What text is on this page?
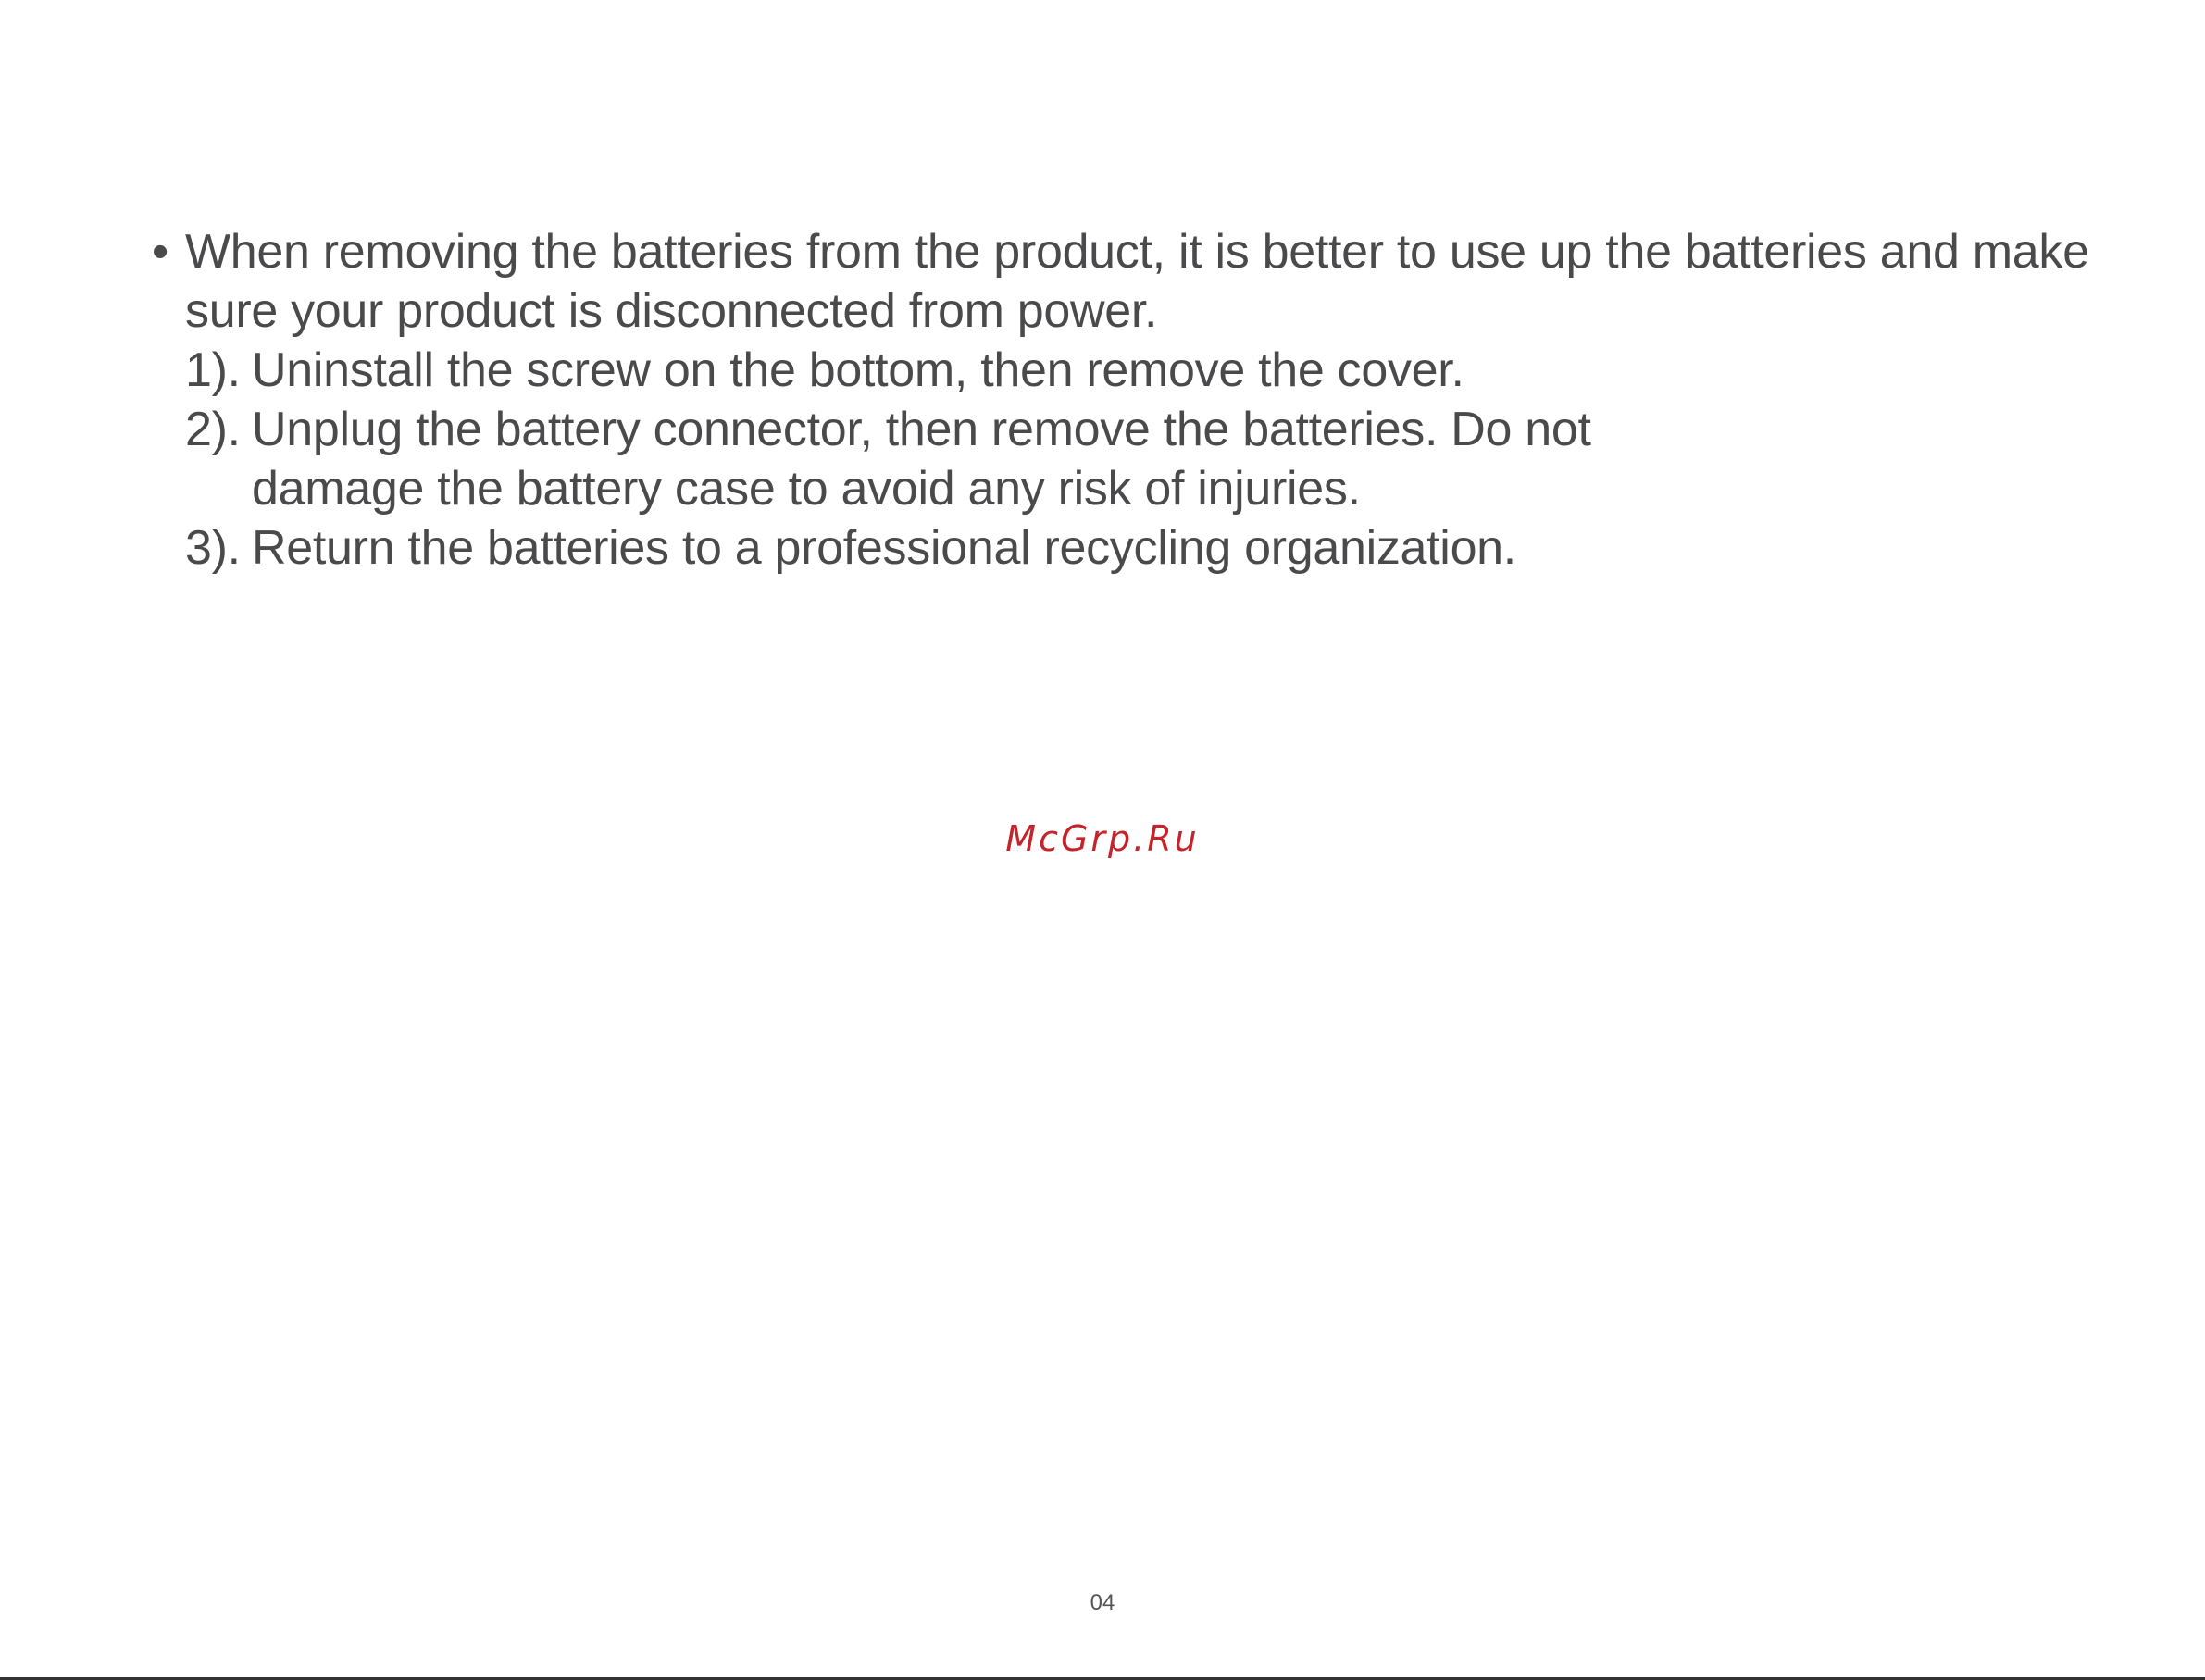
• When removing the batteries from the product, it is better to use up the batteries and make sure your product is disconnected from power.

1). Uninstall the screw on the bottom, then remove the cover.
2). Unplug the battery connector, then remove the batteries. Do not damage the battery case to avoid any risk of injuries.
3). Return the batteries to a professional recycling organization.
McGrp.Ru
04
